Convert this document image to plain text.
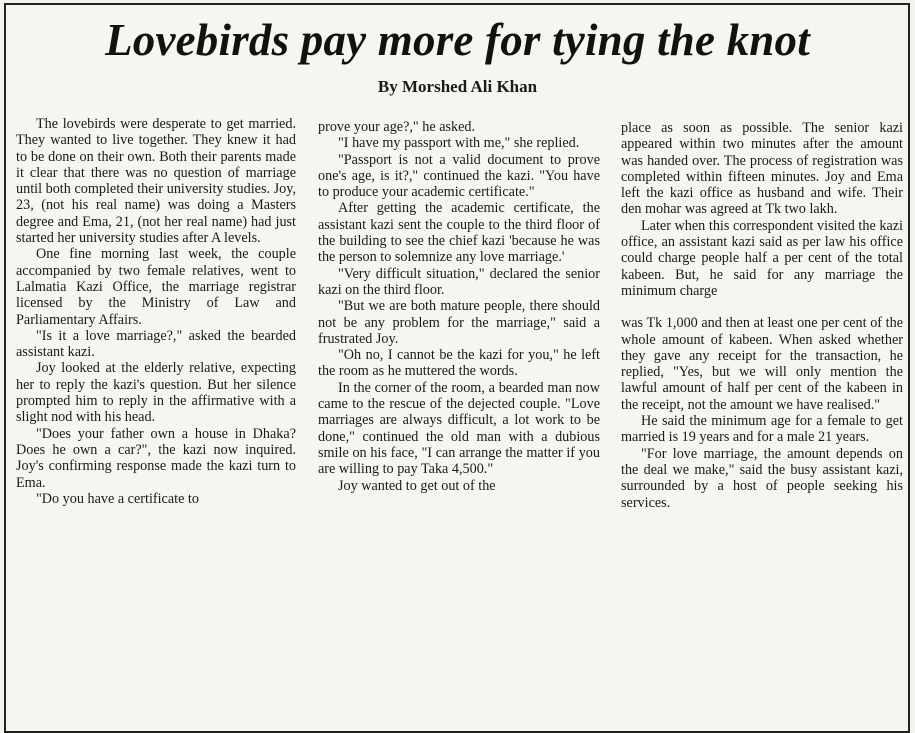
Lovebirds pay more for tying the knot
By Morshed Ali Khan

The lovebirds were desperate to get married. They wanted to live together. They knew it had to be done on their own. Both their parents made it clear that there was no question of marriage until both completed their university studies. Joy, 23, (not his real name) was doing a Masters degree and Ema, 21, (not her real name) had just started her university studies after A levels.

One fine morning last week, the couple accompanied by two female relatives, went to Lalmatia Kazi Office, the marriage registrar licensed by the Ministry of Law and Parliamentary Affairs.

"Is it a love marriage?," asked the bearded assistant kazi.

Joy looked at the elderly relative, expecting her to reply the kazi's question. But her silence prompted him to reply in the affirmative with a slight nod with his head.

"Does your father own a house in Dhaka? Does he own a car?", the kazi now inquired. Joy's confirming response made the kazi turn to Ema.

"Do you have a certificate to

prove your age?," he asked.

"I have my passport with me," she replied.

"Passport is not a valid document to prove one's age, is it?," continued the kazi. "You have to produce your academic certificate."

After getting the academic certificate, the assistant kazi sent the couple to the third floor of the building to see the chief kazi 'because he was the person to solemnize any love marriage.'

"Very difficult situation," declared the senior kazi on the third floor.

"But we are both mature people, there should not be any problem for the marriage," said a frustrated Joy.

"Oh no, I cannot be the kazi for you," he left the room as he muttered the words.

In the corner of the room, a bearded man now came to the rescue of the dejected couple. "Love marriages are always difficult, a lot work to be done," continued the old man with a dubious smile on his face, "I can arrange the matter if you are willing to pay Taka 4,500."

Joy wanted to get out of the

place as soon as possible. The senior kazi appeared within two minutes after the amount was handed over. The process of registration was completed within fifteen minutes. Joy and Ema left the kazi office as husband and wife. Their den mohar was agreed at Tk two lakh.

Later when this correspondent visited the kazi office, an assistant kazi said as per law his office could charge people half a per cent of the total kabeen. But, he said for any marriage the minimum charge

was Tk 1,000 and then at least one per cent of the whole amount of kabeen. When asked whether they gave any receipt for the transaction, he replied, "Yes, but we will only mention the lawful amount of half per cent of the kabeen in the receipt, not the amount we have realised."

He said the minimum age for a female to get married is 19 years and for a male 21 years.

"For love marriage, the amount depends on the deal we make," said the busy assistant kazi, surrounded by a host of people seeking his services.
